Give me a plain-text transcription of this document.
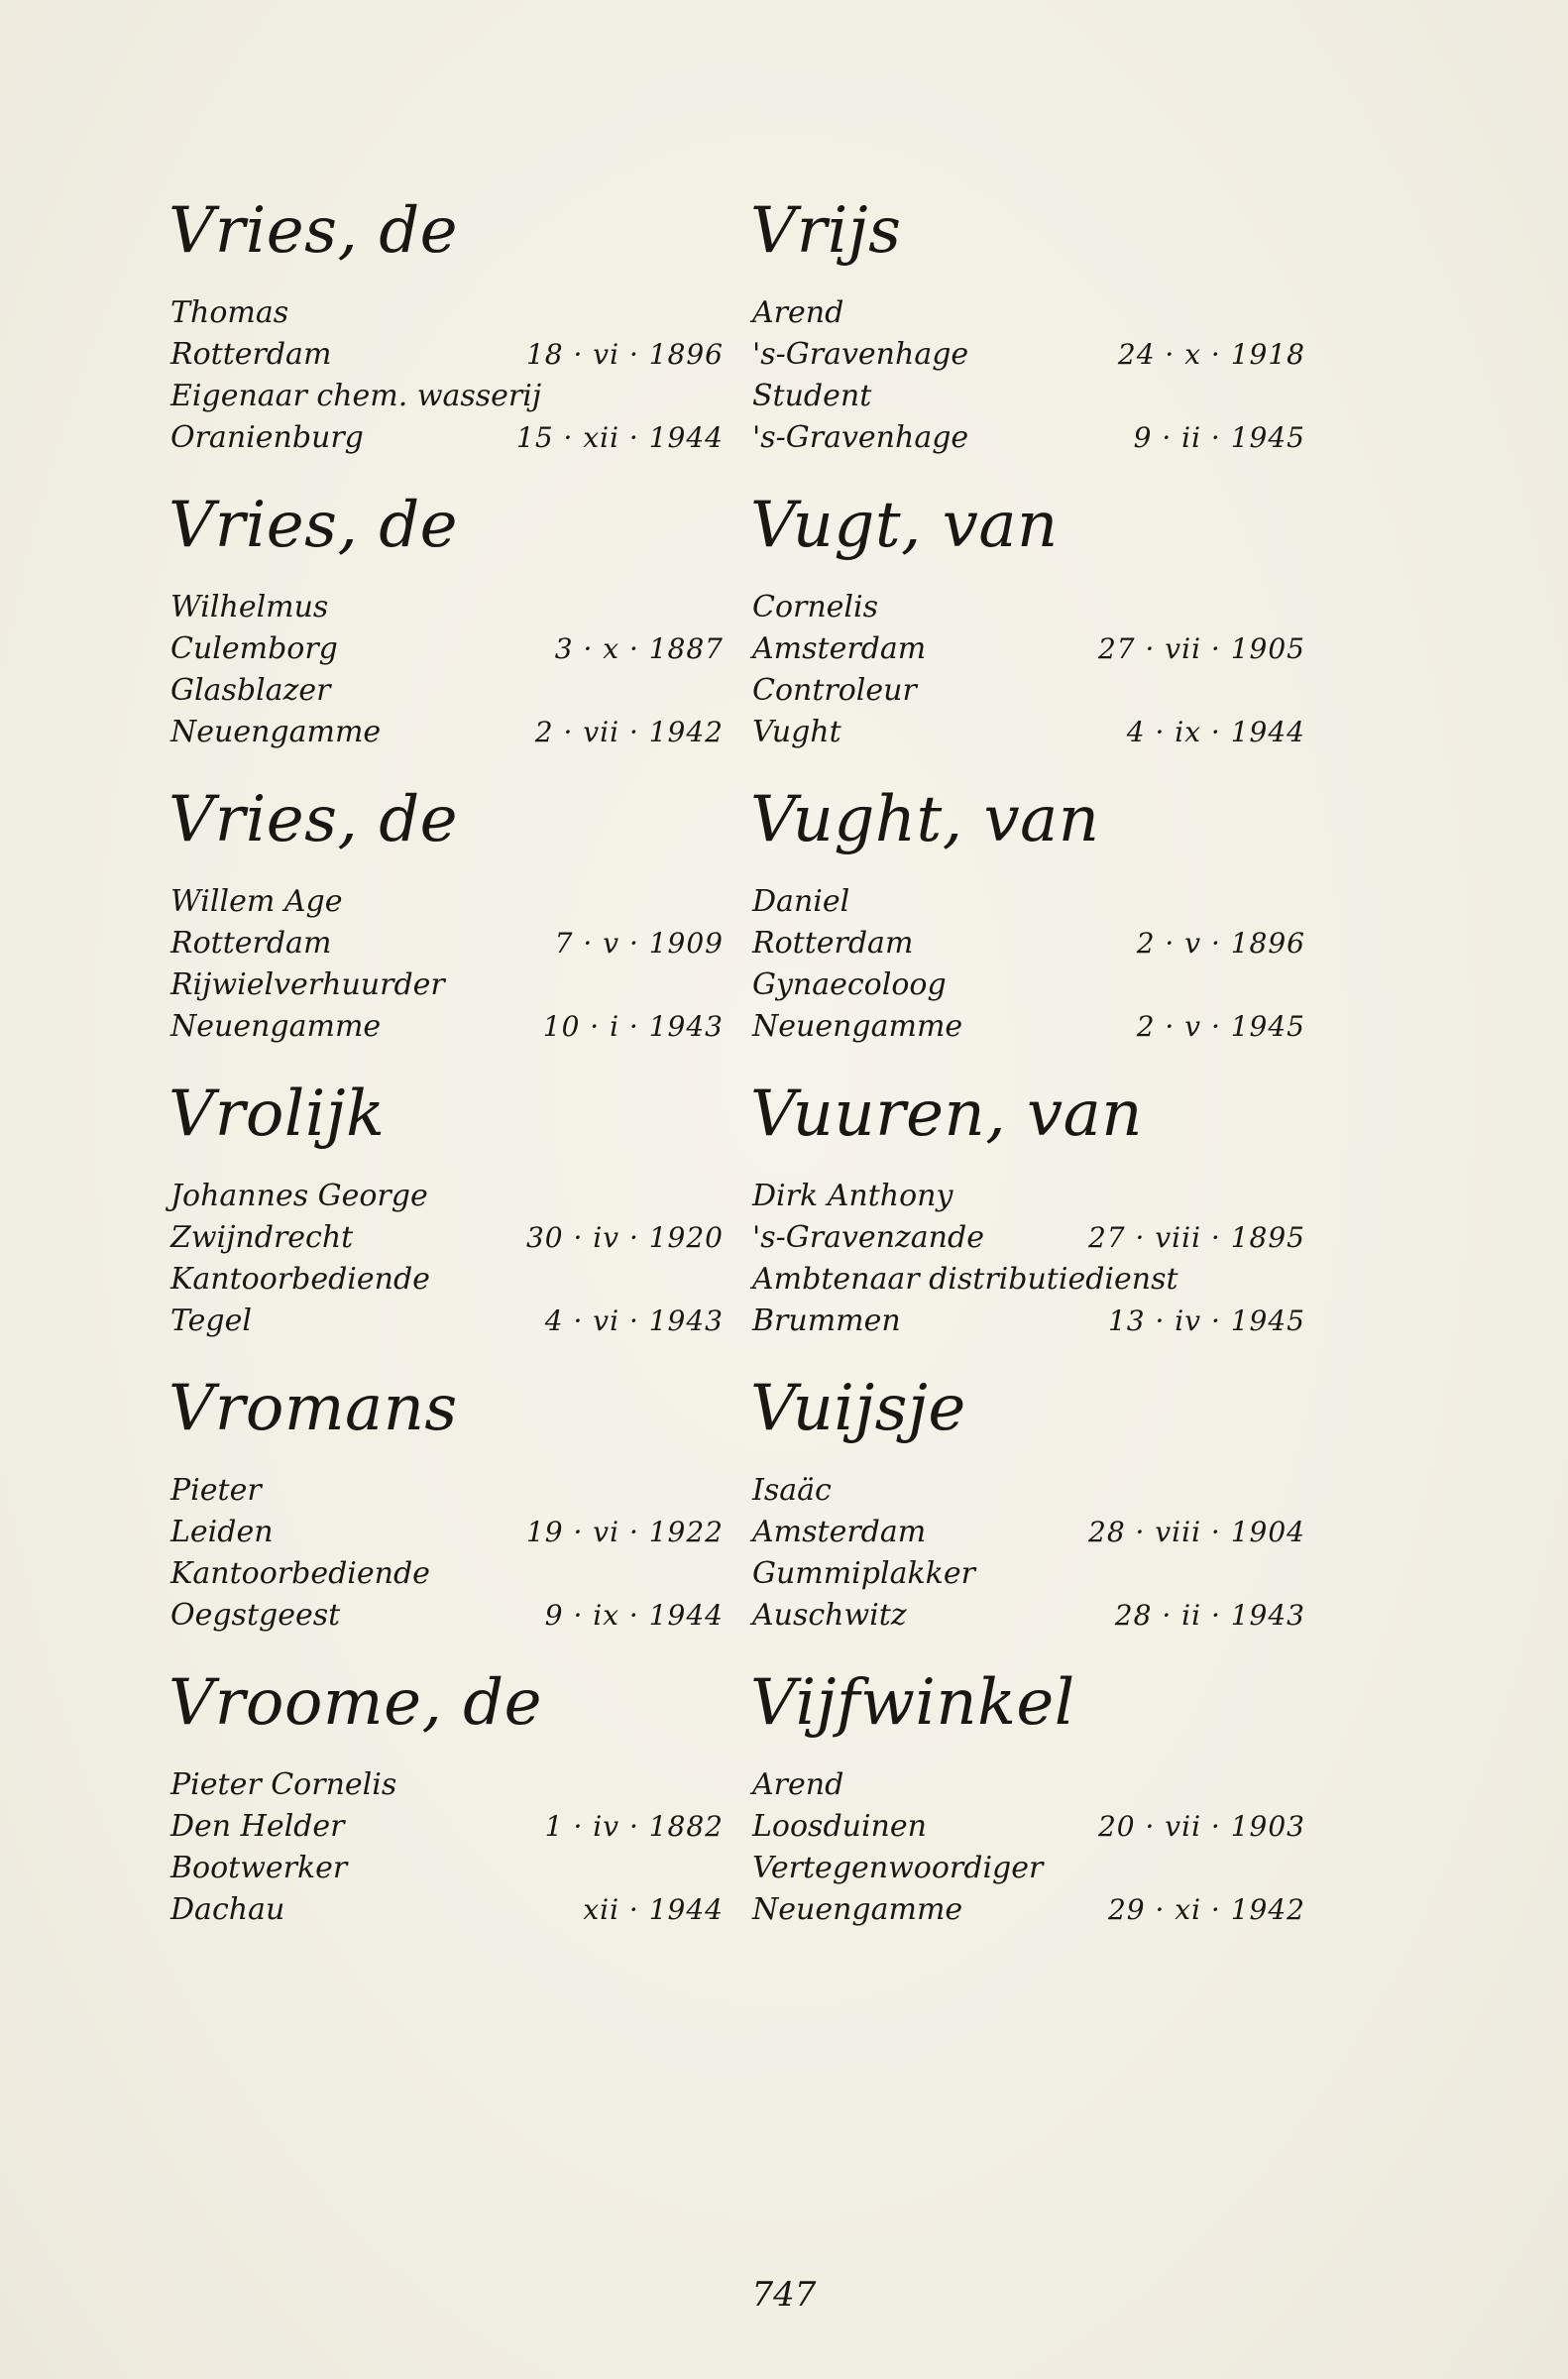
Vries, de
Thomas
Rotterdam	18 · vi · 1896
Eigenaar chem. wasserij
Oranienburg	15 · xii · 1944
Vries, de
Wilhelmus
Culemborg	3 · x · 1887
Glasblazer
Neuengamme	2 · vii · 1942
Vries, de
Willem Age
Rotterdam	7 · v · 1909
Rijwielverhuurder
Neuengamme	10 · i · 1943
Vrolijk
Johannes George
Zwijndrecht	30 · iv · 1920
Kantoorbediende
Tegel	4 · vi · 1943
Vromans
Pieter
Leiden	19 · vi · 1922
Kantoorbediende
Oegstgeest	9 · ix · 1944
Vroome, de
Pieter Cornelis
Den Helder	1 · iv · 1882
Bootwerker
Dachau	xii · 1944
Vrijs
Arend
's-Gravenhage	24 · x · 1918
Student
's-Gravenhage	9 · ii · 1945
Vugt, van
Cornelis
Amsterdam	27 · vii · 1905
Controleur
Vught	4 · ix · 1944
Vught, van
Daniel
Rotterdam	2 · v · 1896
Gynaecoloog
Neuengamme	2 · v · 1945
Vuuren, van
Dirk Anthony
's-Gravenzande	27 · viii · 1895
Ambtenaar distributiedienst
Brummen	13 · iv · 1945
Vuijsje
Isaäc
Amsterdam	28 · viii · 1904
Gummiplakker
Auschwitz	28 · ii · 1943
Vijfwinkel
Arend
Loosduinen	20 · vii · 1903
Vertegenwoordiger
Neuengamme	29 · xi · 1942
747
